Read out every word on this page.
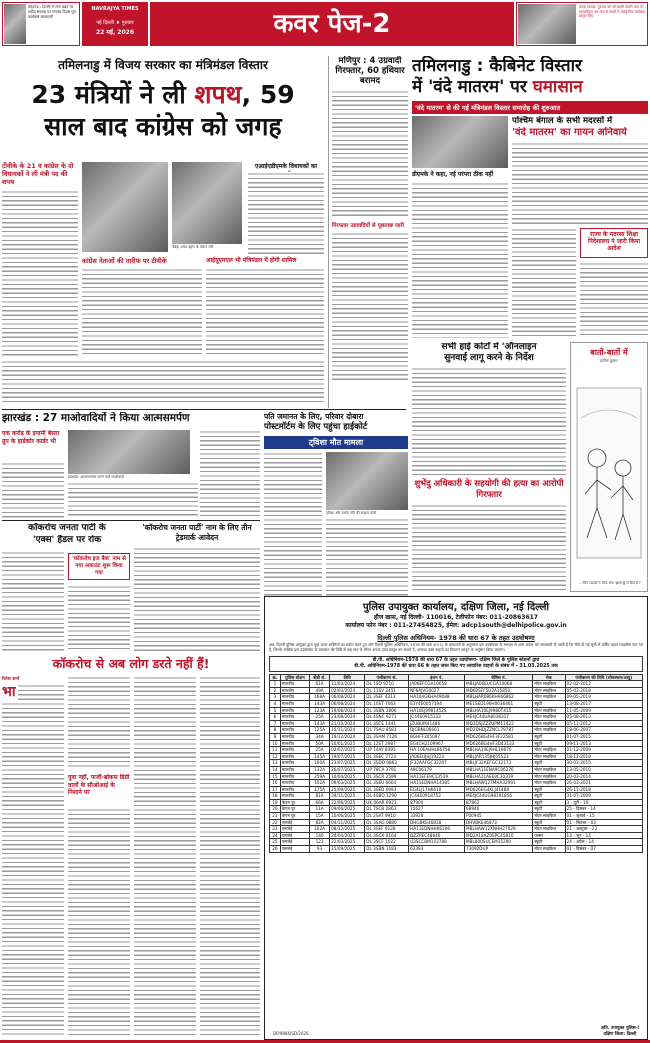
महेंद्रगढ़ : दिल्ली में मांग बढ़ने पर शहीद स्मारक पर गणतंत्र दिवस पूरा कार्यक्रम करवाएगी
NAVRAJYA TIMES
नई दिल्ली ♦ गुरुवार
22 मई, 2026	कवर पेज-2
कटरा सावड़ा: गुरुवार को श्री लक्ष्मी स्वामी धाम पर ध्वजारोहण कर गांव के बच्चों ने सांस्कृतिक कार्यक्रम प्रस्तुत किए
तमिलनाडु में विजय सरकार का मंत्रिमंडल विस्तार
23 मंत्रियों ने ली शपथ, 59
साल बाद कांग्रेस को जगह
टीवीके के 21 व कांग्रेस के दो विधायकों ने ली मंत्री पद की शपथ
चेन्नई: शपथ ग्रहण के दौरान मंत्री
एआईएडीएमके विधायकों का
कांग्रेस नेताओं की तारीफ पर टीवीके	आईयूएमएल भी मंत्रिमंडल में होगी शामिल
मणिपुर : 4 उग्रवादी गिरफ्तार, 60 हथियार बरामद
गिरफ्तार उग्रवादियों से पूछताछ जारी
तमिलनाडु : कैबिनेट विस्तार
में 'वंदे मातरम' पर घमासान
'वंदे मातरम' से की गई मंत्रिमंडल विस्तार समारोह की शुरुआत
डीएमके ने कहा, नई परंपरा ठीक नहीं
पश्चिम बंगाल के सभी मदरसों में
'वंदे मातरम' का गायन अनिवार्य
राज्य के मदरसा शिक्षा निदेशालय ने जारी किया आदेश
सभी हाई कोर्टों में 'ऑनलाइन
सुनवाई लागू करने के निर्देश
शुभेंदु अधिकारी के सहयोगी की हत्या का आरोपी गिरफ्तार
बातों-बातों में
प्रवीण कुमार
...जिन लड़कों ने ठीक बना 'झाल'छू में दिये हैं ?
झारखंड : 27 माओवादियों ने किया आत्मसमर्पण
एक करोड़ के इनामी बेसरा ग्रुप के हार्डकोर कार्डर भी
झारखंड: आत्मसमर्पण करने वाले माओवादी
पति जमानत के लिए, परिवार दोबारा
पोस्टमॉर्टम के लिए पहुंचा हाईकोर्ट
ट्विशा मौत मामला
ट्विशा और उसके पति की फाइल फोटो
कॉकरोच जनता पार्टी के
'एक्स' हैंडल पर रोक
'कॉकरोच इज बैक' नाम से नया अकाउंट शुरू किया गया
'कॉकरोच जनता पार्टी' नाम के लिए तीन ट्रेडमार्क आवेदन
कॉकरोच से अब लोग डरते नहीं हैं!
रितेश शर्मा
भा
युवा नहीं, फर्जी-ब्रोकस डिग्री वालों के सीओआई के निशाने पर
पुलिस उपायुक्त कार्यालय, दक्षिण जिला, नई दिल्ली
हौज खास, नई दिल्ली- 110016, टेलीफोन नंबर: 011-20863617
कार्यालय फोन नंबर : 011-27454825, ईमेल: adcp1south@delhipolice.gov.in
दिल्ली पुलिस अधिनियम- 1978 की धारा 67 के तहत उदघोषणा
अब, दिल्ली पुलिस आयुक्त द्वारा मुझे प्रदत्त शक्तियों का प्रयोग करते हुए और दिल्ली पुलिस अधिनियम, 1978 की धारा 67(1) के प्रावधानों के अनुसरण इस उदघोषणा के माध्यम से आम जनता को जानकारी दी जाती है कि नीचे दी गई सूची में वर्णित वाहन लावारिस पाए गए हैं, जिनके मालिक इस उदघोषणा के प्रकाशन की तिथि से छह माह के भीतर अपना दावा प्रस्तुत कर सकते हैं, अन्यथा उक्त वाहनों का निपटान कानून के अनुसार किया जाएगा।
डी.पी. अधिनियम-1978 की धारा 67 के तहत उदघोषणा- दक्षिण जिले के पुलिस स्टेशनों द्वारा
डी.पी. अधिनियम-1978 की धारा 66 के तहत जब्त किए गए लावारिस वाहनों के संबंध में - 31.03.2025 तक
क्र.	पुलिस स्टेशन	डीडी सं.	तिथि	पंजीकरण सं.	इंजन नं.	चेसिस नं.	मेक	पंजीकरण की तिथि (लोकस्थल/आयु)
1	मालवीय	61A	11/03/2024	DL 1SQ 9210	JA06EFCGA10658	MBLJA06EUCGA10068	मोटर साइकिल	02-02-2012
2	मालवीय	49A	02/03/2024	DL 11SV 2451	NF6AJVG0027	MD62SFF5U2A15850	मोटर साइकिल	05-03-2018
3	मालवीय	168A	06/08/2024	DL 3SEF 4213	HA10AGKHA49088	MBLHAR086KHA66862	मोटर साइकिल	09-05-2019
4	मालवीय	143A	06/08/2024	DL 10ST 7063	E3Y4E0057194	ME1SED196H0036461	स्कूटी	13-08-2017
5	मालवीय	123A	19/08/2024	DL 3SBN 2806	HA10EJ9981452S	MBLHA10EJ9980T415	मोटर साइकिल	11-05-2009
6	मालवीय	25A	23/08/2024	DL 4SNC 9271	JC44E0915133	ME4JC44UA8038317	मोटर साइकिल	05-08-2013
7	मालवीय	143A	21/10/2024	DL 3SCE 1441	JZUBUM41486	MD2DSJZZZUPM11422	मोटर साइकिल	05-11-2012
8	मालवीय	125A	15/11/2024	DL 7SAU 8581	DJGBNL06661	MD2DHDJZZNCL79787	मोटर साइकिल	18-06-2007
9	मालवीय	34A	19/12/2024	DL 3SAM 7126	BGHFF205097	MD626BG4HF3F22581	स्कूटी	01-07-2015
10	मालवीय	50A	10/01/2025	DL 12ST 2987	EG4CH2109967	MD626BG4HF3D43133	स्कूटी	09-11-2013
11	मालवीय	25A	02/07/2025	UP 14AY 8395	HA 10EAHHL66758	MBLHA10EJ9HL16670	मोटर साइकिल	01-12-2009
12	मालवीय	145A	19/07/2025	DL 3SEC 7723	JA06EUJHJ19223	MBLJAR135JHJ05523	मोटर साइकिल	18-11-2018
13	मालवीय	160A	23/07/2025	DL 3SDD 9863	JF32AAFGC32207	MBLJF32AEFGC12173	स्कूटी	30-03-2015
14	मालवीय	132A	26/07/2025	UP 78CA 3791	A9C06179	MBLHA11ENA9C06276	मोटर साइकिल	13-05-2010
15	मालवीय	259A	10/04/2025	DL 3SCR 2599	HA11EFE9C13539	MBLHA11AEE9C30319	मोटर साइकिल	20-03-2014
16	मालवीय	102A	09/03/2025	DL 3SEU 6604	HA11EDNHA14385	MBLHAW127MHA32991	मोटर साइकिल	26-03-2021
17	मालवीय	175A	25/09/2025	DL 3SED 0993	EG4LJ17H6610	MD626EG4KLJ41488	स्कूटी	26-11-2018
18	मालवीय	81A	29/11/2025	DL 4SBQ 1290	JC44E0918753	ME4JC44UG98191856	स्कूटी	31-07-2009
19	केएम पुर	66A	22/06/2025	UK 06AR 6921	87900	87862	स्कूटी	3 - यूटी - 19
20	केएम पुर	11A	09/06/2025	DL 7SCB 2863	15627	68946	स्कूटी	25 - दिसंबर - 14
21	केएम पुर	15A	10/06/2025	DL 2SAT 9910	33928	F00945	मोटर साइकिल	01 - जुलाई - 15
22	एसजेई	82A	04/11/2025	DL 3SAG 0880	DHGBKE46818	DHVBKE46873	स्कूटी	01 - सितंबर - 03
23	एसजेई	102A	08/12/2025	DL 3SEF 6128	HA11EDNHH06106	MBLHAW12XNHH27029	मोटर साइकिल	21 - अक्टूबर - 22
24	एसजेई	140	24/04/2025	DL 3SCX 0164	DZZPEC48640	MD2A18AZ0EPC45810	पल्सर	13 - जून - 14
25	एसजेई	123	22/03/2025	DL 3SCF 1022	U3SCCBM103788	MBL800SUCEM15290	स्कूटी	24 - अप्रैल - 14
26	एसजेई	93	15/09/2025	DL 3SBN 1183	63393	73092DUP	मोटर साइकिल	01 - दिसंबर - 07
DP/9886/SD/2026
अति. उपायुक्त पुलिस-I
दक्षिण जिला: दिल्ली
